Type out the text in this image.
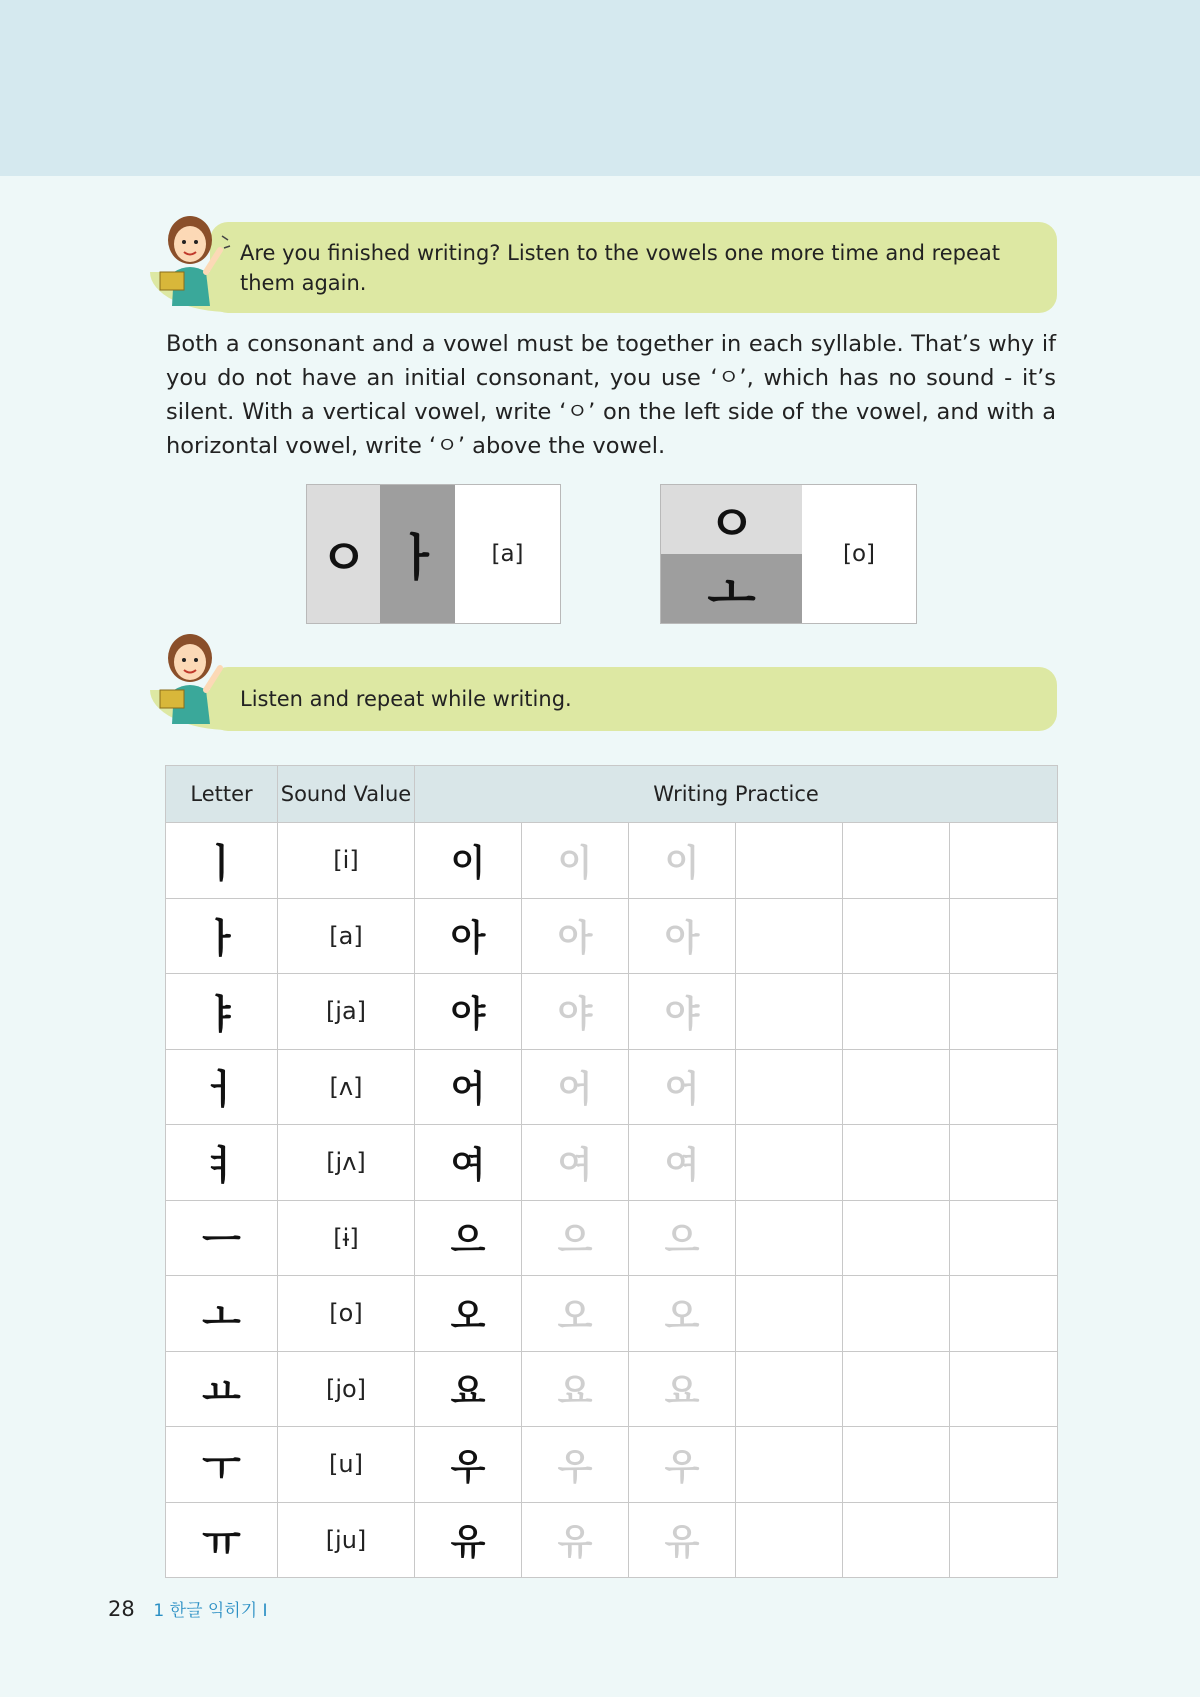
Are you finished writing? Listen to the vowels one more time and repeat them again.
Both a consonant and a vowel must be together in each syllable. That’s why if you do not have an initial consonant, you use ‘ㅇ’, which has no sound - it’s silent. With a vertical vowel, write ‘ㅇ’ on the left side of the vowel, and with a horizontal vowel, write ‘ㅇ’ above the vowel.
ㅇ ㅏ [a]
ㅇ
ㅗ
[o]
Listen and repeat while writing.
Letter	Sound Value	Writing Practice					
ㅣ	[i]	이	이	이			
ㅏ	[a]	아	아	아			
ㅑ	[ja]	야	야	야			
ㅓ	[ʌ]	어	어	어			
ㅕ	[jʌ]	여	여	여			
ㅡ	[ɨ]	으	으	으			
ㅗ	[o]	오	오	오			
ㅛ	[jo]	요	요	요			
ㅜ	[u]	우	우	우			
ㅠ	[ju]	유	유	유			
28 1 한글 익히기 I
